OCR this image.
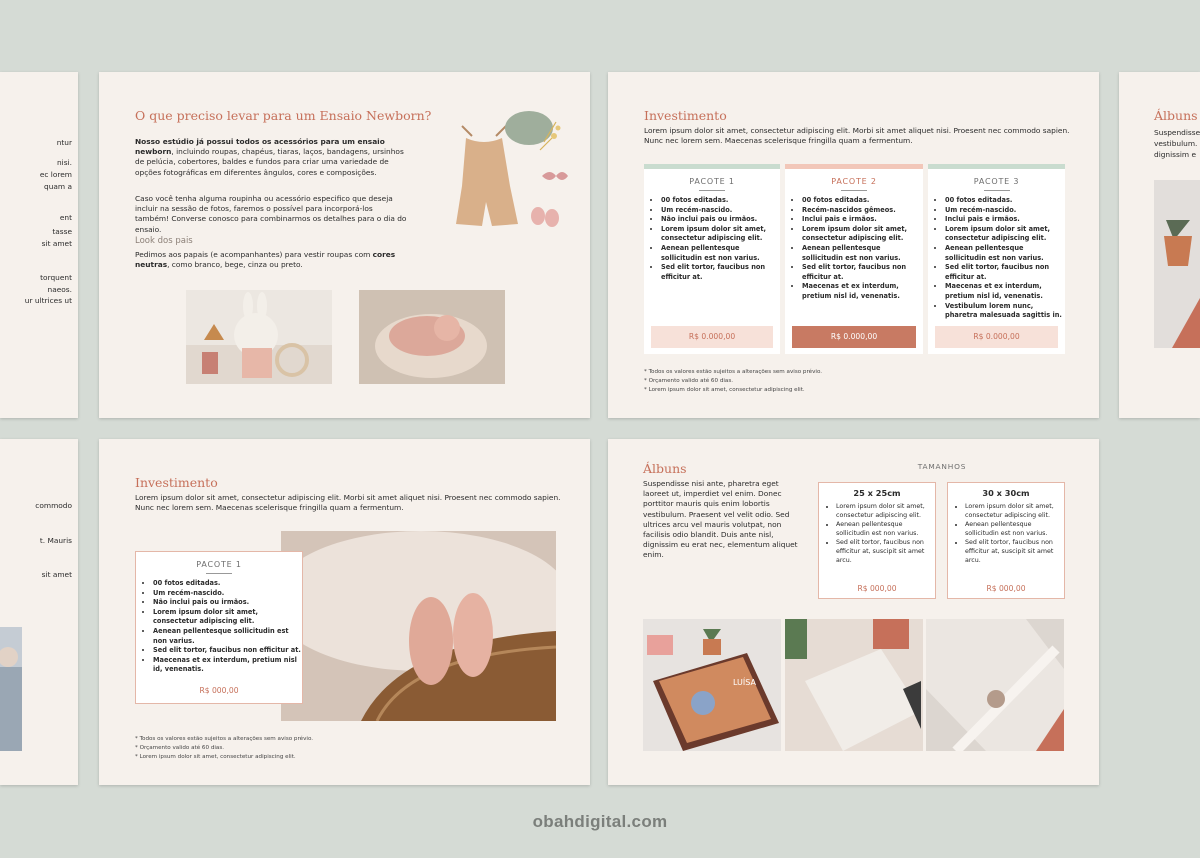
ntur
nisi.
ec lorem
quam a
ent
tasse
sit amet
torquent
naeos.
ur ultrices ut
commodo
t. Mauris
sit amet
O que preciso levar para um Ensaio Newborn?

Nosso estúdio já possui todos os acessórios para um ensaio newborn, incluindo roupas, chapéus, tiaras, laços, bandagens, ursinhos de pelúcia, cobertores, baldes e fundos para criar uma variedade de opções fotográficas em diferentes ângulos, cores e composições.

Caso você tenha alguma roupinha ou acessório especifico que deseja incluir na sessão de fotos, faremos o possível para incorporá-los também! Converse conosco para combinarmos os detalhes para o dia do ensaio.

Look dos pais

Pedimos aos papais (e acompanhantes) para vestir roupas com cores neutras, como branco, bege, cinza ou preto.

Investimento

Lorem ipsum dolor sit amet, consectetur adipiscing elit. Morbi sit amet aliquet nisi. Proesent nec commodo sapien. Nunc nec lorem sem. Maecenas scelerisque fringilla quam a fermentum.

PACOTE 1
• 00 fotos editadas.
• Um recém-nascido.
• Não inclui pais ou irmãos.
• Lorem ipsum dolor sit amet, consectetur adipiscing elit.
• Aenean pellentesque sollicitudin est non varius.
• Sed elit tortor, faucibus non efficitur at.
R$ 0.000,00
PACOTE 2
• 00 fotos editadas.
• Recém-nascidos gêmeos.
• Inclui pais e irmãos.
• Lorem ipsum dolor sit amet, consectetur adipiscing elit.
• Aenean pellentesque sollicitudin est non varius.
• Sed elit tortor, faucibus non efficitur at.
• Maecenas et ex interdum, pretium nisl id, venenatis.
R$ 0.000,00
PACOTE 3
• 00 fotos editadas.
• Um recém-nascido.
• Inclui pais e irmãos.
• Lorem ipsum dolor sit amet, consectetur adipiscing elit.
• Aenean pellentesque sollicitudin est non varius.
• Sed elit tortor, faucibus non efficitur at.
• Maecenas et ex interdum, pretium nisl id, venenatis.
• Vestibulum lorem nunc, pharetra malesuada sagittis in.
R$ 0.000,00
* Todos os valores estão sujeitos a alterações sem aviso prévio.
* Orçamento valido até 60 dias.
* Lorem ipsum dolor sit amet, consectetur adipiscing elit.
Álbuns
Suspendisse
vestibulum.
dignissim e
Investimento

Lorem ipsum dolor sit amet, consectetur adipiscing elit. Morbi sit amet aliquet nisi. Proesent nec commodo sapien. Nunc nec lorem sem. Maecenas scelerisque fringilla quam a fermentum.

PACOTE 1
• 00 fotos editadas.
• Um recém-nascido.
• Não inclui pais ou irmãos.
• Lorem ipsum dolor sit amet, consectetur adipiscing elit.
• Aenean pellentesque sollicitudin est non varius.
• Sed elit tortor, faucibus non efficitur at.
• Maecenas et ex interdum, pretium nisl id, venenatis.
R$ 000,00
* Todos os valores estão sujeitos a alterações sem aviso prévio.
* Orçamento valido até 60 dias.
* Lorem ipsum dolor sit amet, consectetur adipiscing elit.
Álbuns

Suspendisse nisi ante, pharetra eget laoreet ut, imperdiet vel enim. Donec porttitor mauris quis enim lobortis vestibulum. Praesent vel velit odio. Sed ultrices arcu vel mauris volutpat, non facilisis odio blandit. Duis ante nisl, dignissim eu erat nec, elementum aliquet enim.

TAMANHOS
25 x 25cm
• Lorem ipsum dolor sit amet, consectetur adipiscing elit.
• Aenean pellentesque sollicitudin est non varius.
• Sed elit tortor, faucibus non efficitur at, suscipit sit amet arcu.
R$ 000,00
30 x 30cm
• Lorem ipsum dolor sit amet, consectetur adipiscing elit.
• Aenean pellentesque sollicitudin est non varius.
• Sed elit tortor, faucibus non efficitur at, suscipit sit amet arcu.
R$ 000,00
LUÍSA
obahdigital.com
